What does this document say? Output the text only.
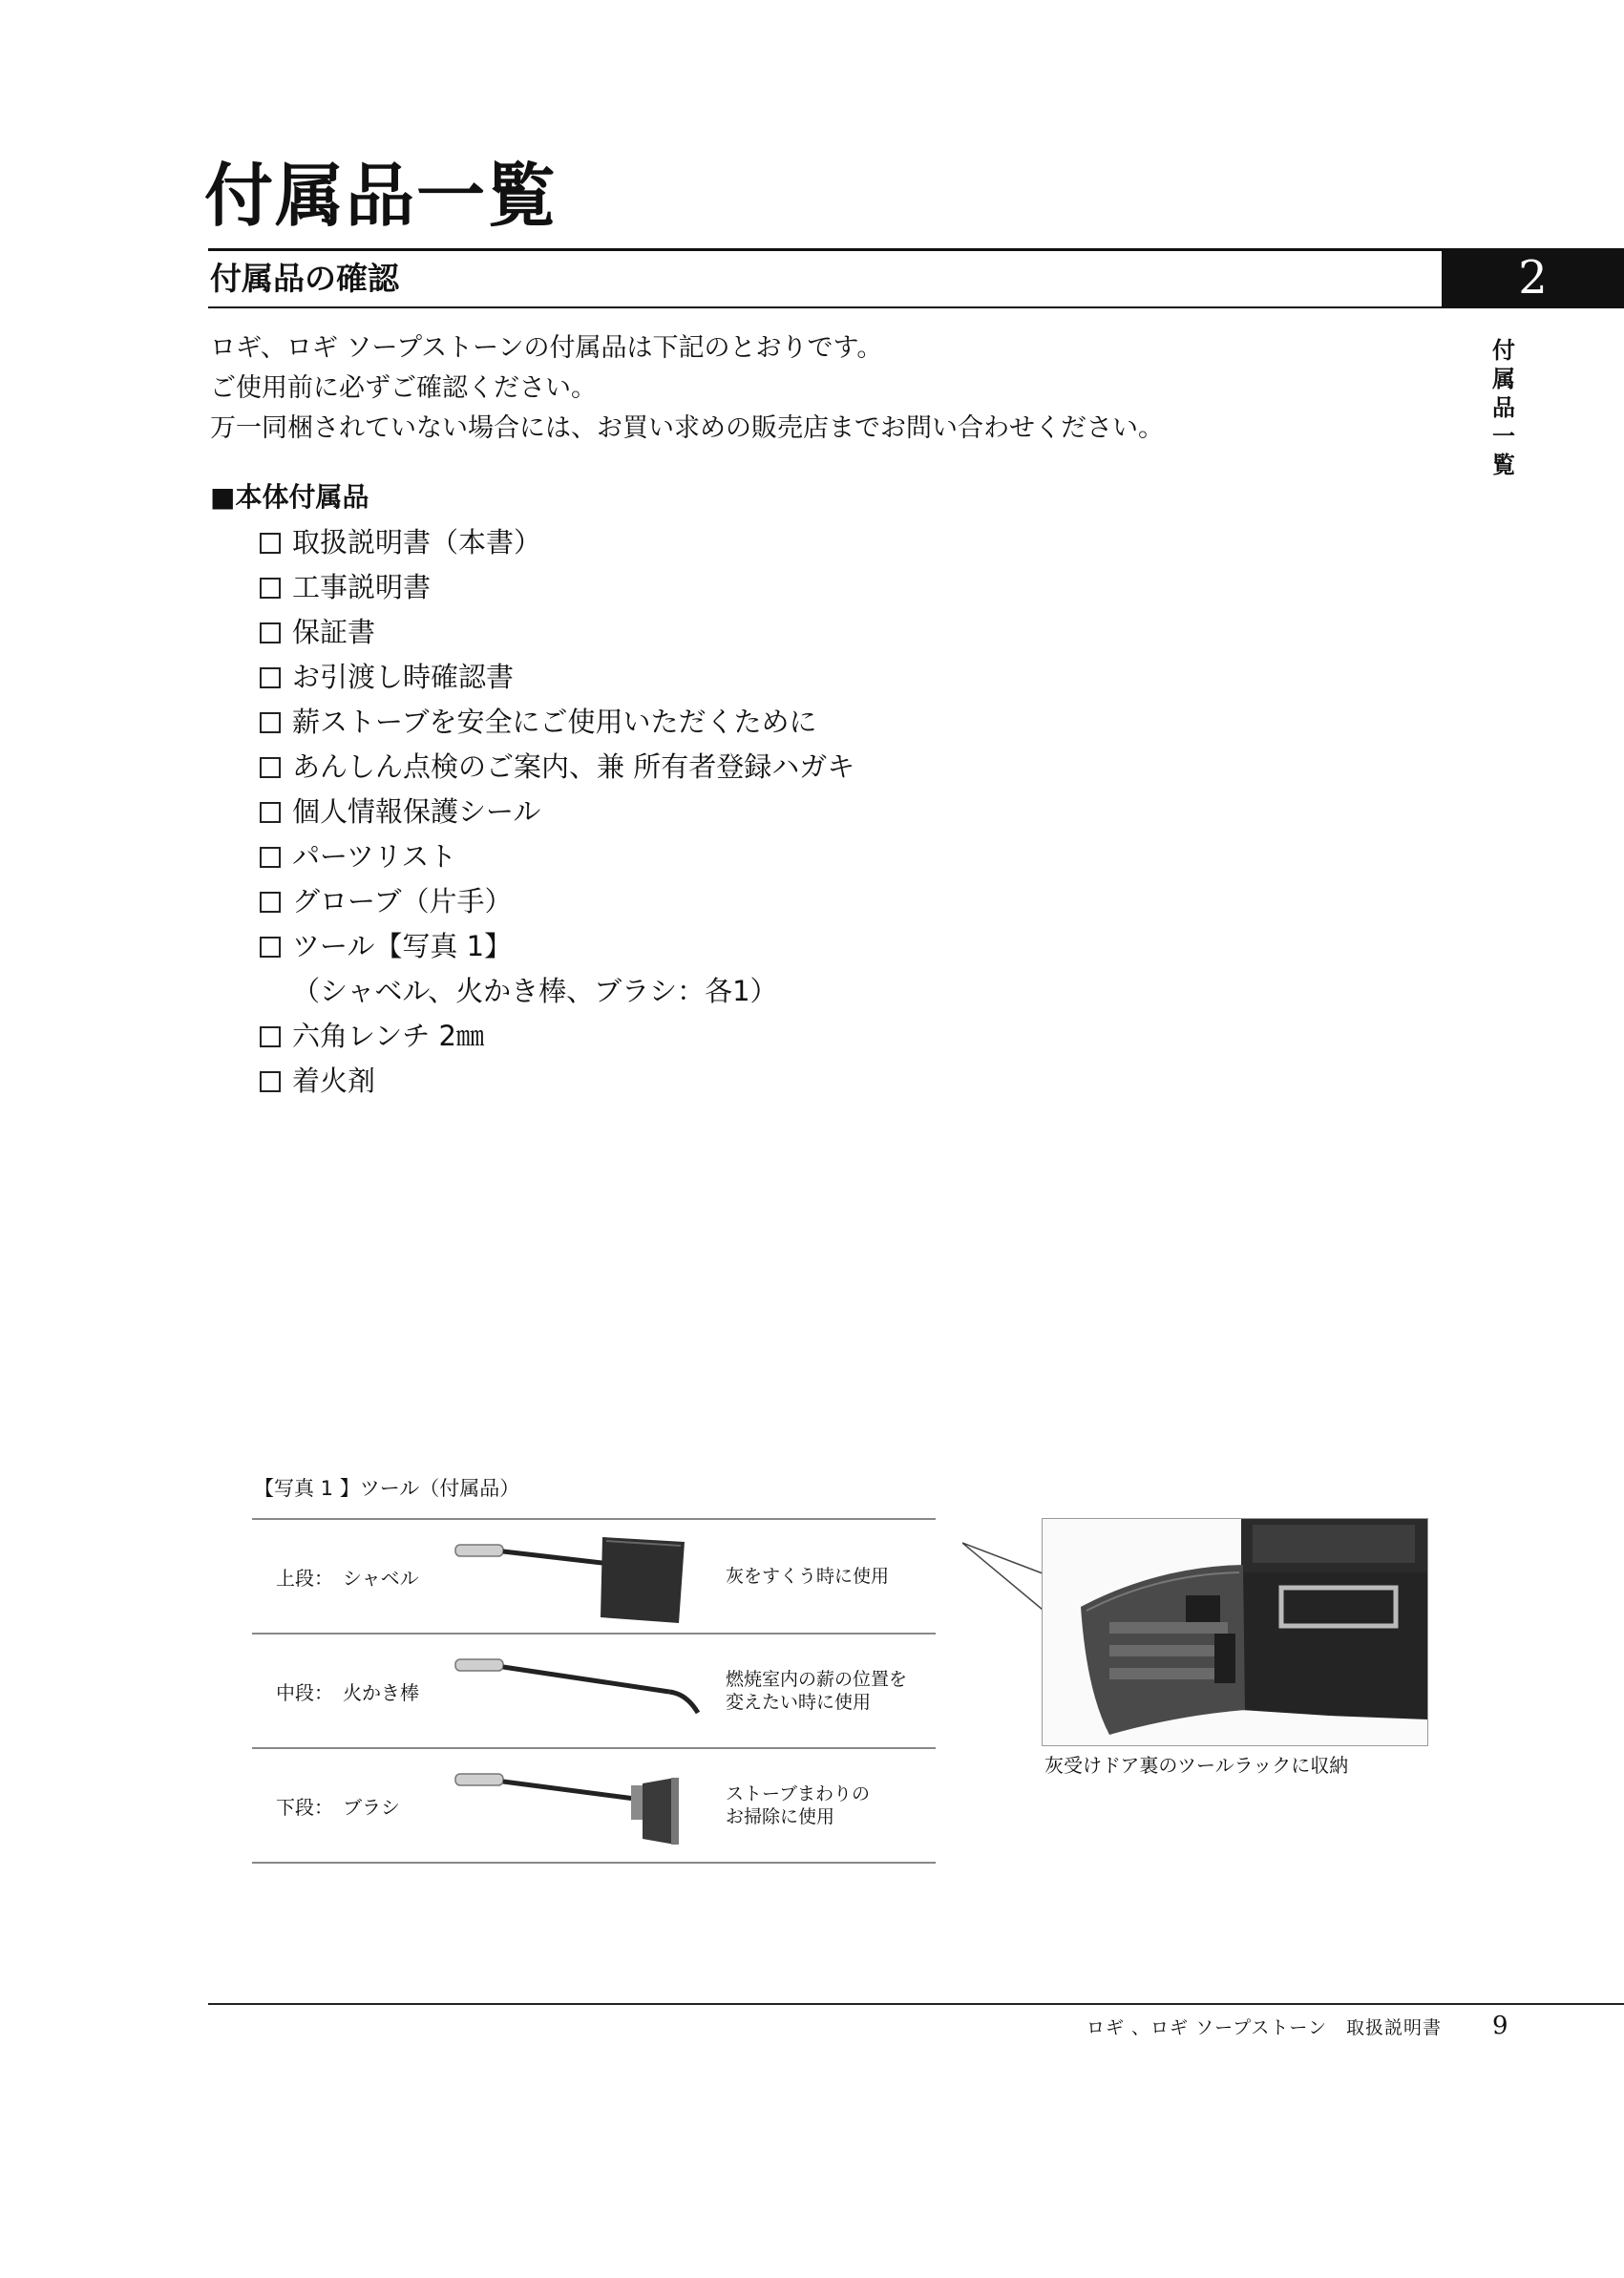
付属品一覧
付属品の確認	2
付属品一覧
ロギ、ロギ ソープストーンの付属品は下記のとおりです。
ご使用前に必ずご確認ください。
万一同梱されていない場合には、お買い求めの販売店までお問い合わせください。
■本体付属品
取扱説明書（本書）
工事説明書
保証書
お引渡し時確認書
薪ストーブを安全にご使用いただくために
あんしん点検のご案内、兼 所有者登録ハガキ
個人情報保護シール
パーツリスト
グローブ（片手）
ツール【写真 1】
（シャベル、火かき棒、ブラシ：各1）
六角レンチ 2㎜
着火剤
【写真 1 】ツール（付属品）
上段： シャベル	灰をすくう時に使用
中段： 火かき棒
燃焼室内の薪の位置を
変えたい時に使用
下段： ブラシ
ストーブまわりの
お掃除に使用
灰受けドア裏のツールラックに収納
ロギ 、ロギ ソープストーン　取扱説明書 9
